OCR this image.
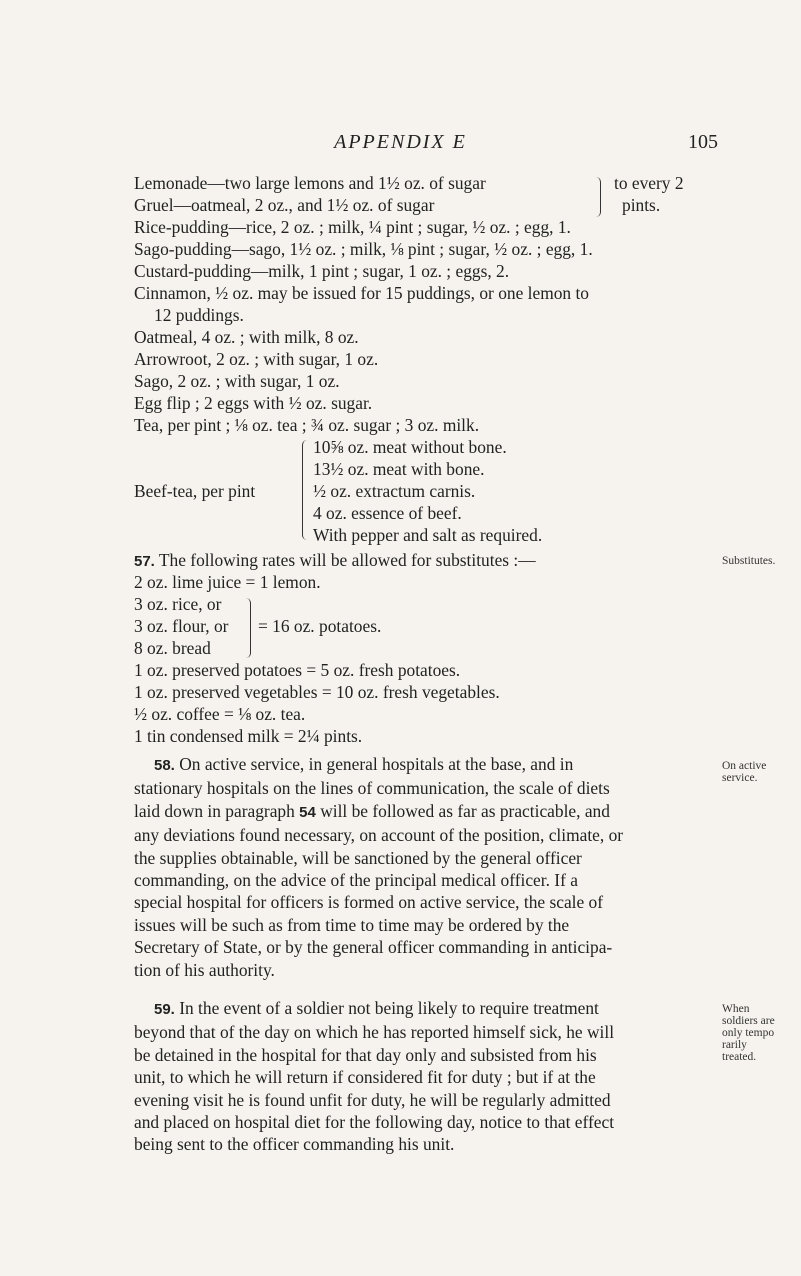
APPENDIX E	105
Lemonade—two large lemons and 1½ oz. of sugar
Gruel—oatmeal, 2 oz., and 1½ oz. of sugar
to every 2
pints.
Rice-pudding—rice, 2 oz. ; milk, ¼ pint ; sugar, ½ oz. ; egg, 1.
Sago-pudding—sago, 1½ oz. ; milk, ⅛ pint ; sugar, ½ oz. ; egg, 1.
Custard-pudding—milk, 1 pint ; sugar, 1 oz. ; eggs, 2.
Cinnamon, ½ oz. may be issued for 15 puddings, or one lemon to
12 puddings.
Oatmeal, 4 oz. ; with milk, 8 oz.
Arrowroot, 2 oz. ; with sugar, 1 oz.
Sago, 2 oz. ; with sugar, 1 oz.
Egg flip ; 2 eggs with ½ oz. sugar.
Tea, per pint ; ⅛ oz. tea ; ¾ oz. sugar ; 3 oz. milk.
Beef-tea, per pint
10⅝ oz. meat without bone.
13½ oz. meat with bone.
½ oz. extractum carnis.
4 oz. essence of beef.
With pepper and salt as required.
57. The following rates will be allowed for substitutes :—	Substitutes.
2 oz. lime juice = 1 lemon.
3 oz. rice, or
3 oz. flour, or
8 oz. bread
= 16 oz. potatoes.
1 oz. preserved potatoes = 5 oz. fresh potatoes.
1 oz. preserved vegetables = 10 oz. fresh vegetables.
½ oz. coffee = ⅛ oz. tea.
1 tin condensed milk = 2¼ pints.
58. On active service, in general hospitals at the base, and in
stationary hospitals on the lines of communication, the scale of diets
laid down in paragraph 54 will be followed as far as practicable, and
any deviations found necessary, on account of the position, climate, or
the supplies obtainable, will be sanctioned by the general officer
commanding, on the advice of the principal medical officer. If a
special hospital for officers is formed on active service, the scale of
issues will be such as from time to time may be ordered by the
Secretary of State, or by the general officer commanding in anticipa-
tion of his authority.
On active
service.
59. In the event of a soldier not being likely to require treatment
beyond that of the day on which he has reported himself sick, he will
be detained in the hospital for that day only and subsisted from his
unit, to which he will return if considered fit for duty ; but if at the
evening visit he is found unfit for duty, he will be regularly admitted
and placed on hospital diet for the following day, notice to that effect
being sent to the officer commanding his unit.
When
soldiers are
only tempo
rarily
treated.
